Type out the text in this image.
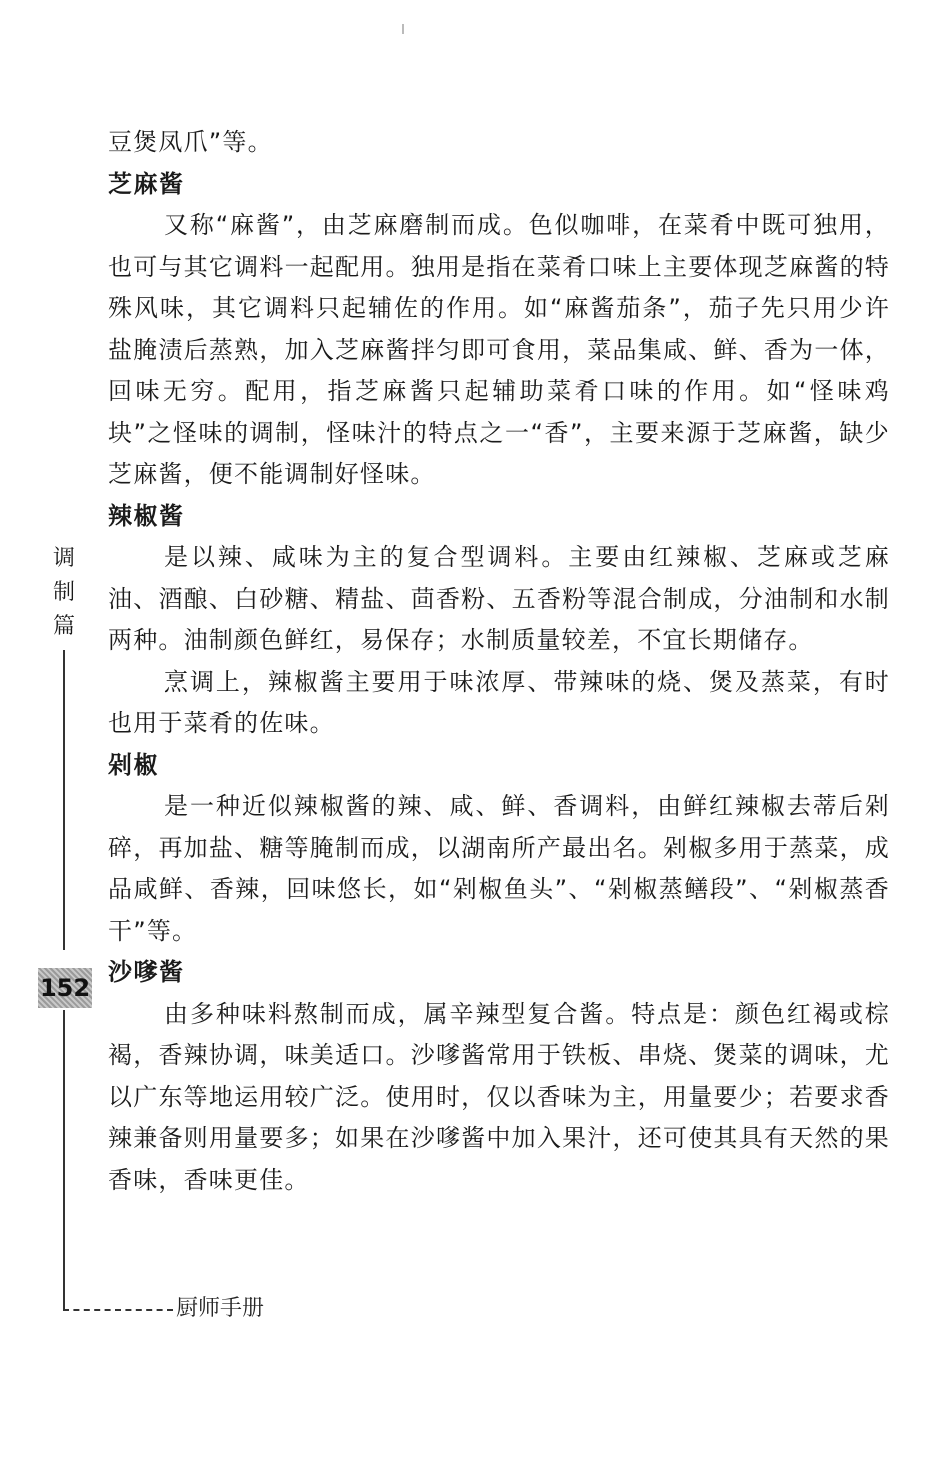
豆煲凤爪”等。

芝麻酱

又称“麻酱”，由芝麻磨制而成。色似咖啡，在菜肴中既可独用，也可与其它调料一起配用。独用是指在菜肴口味上主要体现芝麻酱的特殊风味，其它调料只起辅佐的作用。如“麻酱茄条”，茄子先只用少许盐腌渍后蒸熟，加入芝麻酱拌匀即可食用，菜品集咸、鲜、香为一体，回味无穷。配用，指芝麻酱只起辅助菜肴口味的作用。如“怪味鸡块”之怪味的调制，怪味汁的特点之一“香”，主要来源于芝麻酱，缺少芝麻酱，便不能调制好怪味。

辣椒酱

是以辣、咸味为主的复合型调料。主要由红辣椒、芝麻或芝麻油、酒酿、白砂糖、精盐、茴香粉、五香粉等混合制成，分油制和水制两种。油制颜色鲜红，易保存；水制质量较差，不宜长期储存。

烹调上，辣椒酱主要用于味浓厚、带辣味的烧、煲及蒸菜，有时也用于菜肴的佐味。

剁椒

是一种近似辣椒酱的辣、咸、鲜、香调料，由鲜红辣椒去蒂后剁碎，再加盐、糖等腌制而成，以湖南所产最出名。剁椒多用于蒸菜，成品咸鲜、香辣，回味悠长，如“剁椒鱼头”、“剁椒蒸鳝段”、“剁椒蒸香干”等。

沙嗲酱

由多种味料熬制而成，属辛辣型复合酱。特点是：颜色红褐或棕褐，香辣协调，味美适口。沙嗲酱常用于铁板、串烧、煲菜的调味，尤以广东等地运用较广泛。使用时，仅以香味为主，用量要少；若要求香辣兼备则用量要多；如果在沙嗲酱中加入果汁，还可使其具有天然的果香味，香味更佳。

调
制
篇
152
厨师手册
